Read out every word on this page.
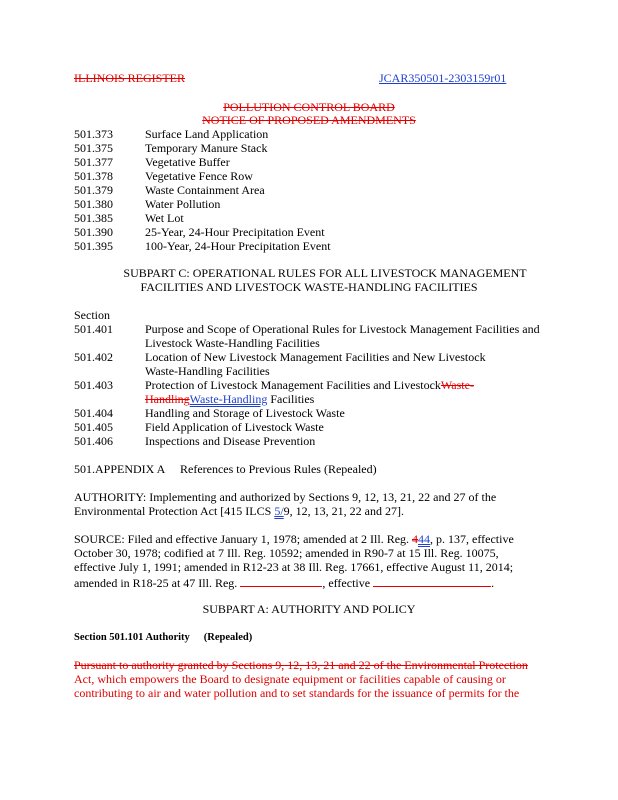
ILLINOIS REGISTER	JCAR350501-2303159r01
POLLUTION CONTROL BOARD
NOTICE OF PROPOSED AMENDMENTS
501.373	Surface Land Application
501.375	Temporary Manure Stack
501.377	Vegetative Buffer
501.378	Vegetative Fence Row
501.379	Waste Containment Area
501.380	Water Pollution
501.385	Wet Lot
501.390	25-Year, 24-Hour Precipitation Event
501.395	100-Year, 24-Hour Precipitation Event
SUBPART C: OPERATIONAL RULES FOR ALL LIVESTOCK MANAGEMENT
FACILITIES AND LIVESTOCK WASTE-HANDLING FACILITIES
Section
501.401	Purpose and Scope of Operational Rules for Livestock Management Facilities and
Livestock Waste-Handling Facilities
501.402	Location of New Livestock Management Facilities and New Livestock
Waste-Handling Facilities
501.403	Protection of Livestock Management Facilities and LivestockWaste-
HandlingWaste-Handling Facilities
501.404	Handling and Storage of Livestock Waste
501.405	Field Application of Livestock Waste
501.406	Inspections and Disease Prevention
501.APPENDIX A References to Previous Rules (Repealed)
AUTHORITY: Implementing and authorized by Sections 9, 12, 13, 21, 22 and 27 of the
Environmental Protection Act [415 ILCS 5/9, 12, 13, 21, 22 and 27].
SOURCE: Filed and effective January 1, 1978; amended at 2 Ill. Reg. 444, p. 137, effective
October 30, 1978; codified at 7 Ill. Reg. 10592; amended in R90-7 at 15 Ill. Reg. 10075,
effective July 1, 1991; amended in R12-23 at 38 Ill. Reg. 17661, effective August 11, 2014;
amended in R18-25 at 47 Ill. Reg.	, effective	.
SUBPART A: AUTHORITY AND POLICY
Section 501.101 Authority (Repealed)
Pursuant to authority granted by Sections 9, 12, 13, 21 and 22 of the Environmental Protection
Act, which empowers the Board to designate equipment or facilities capable of causing or
contributing to air and water pollution and to set standards for the issuance of permits for the
